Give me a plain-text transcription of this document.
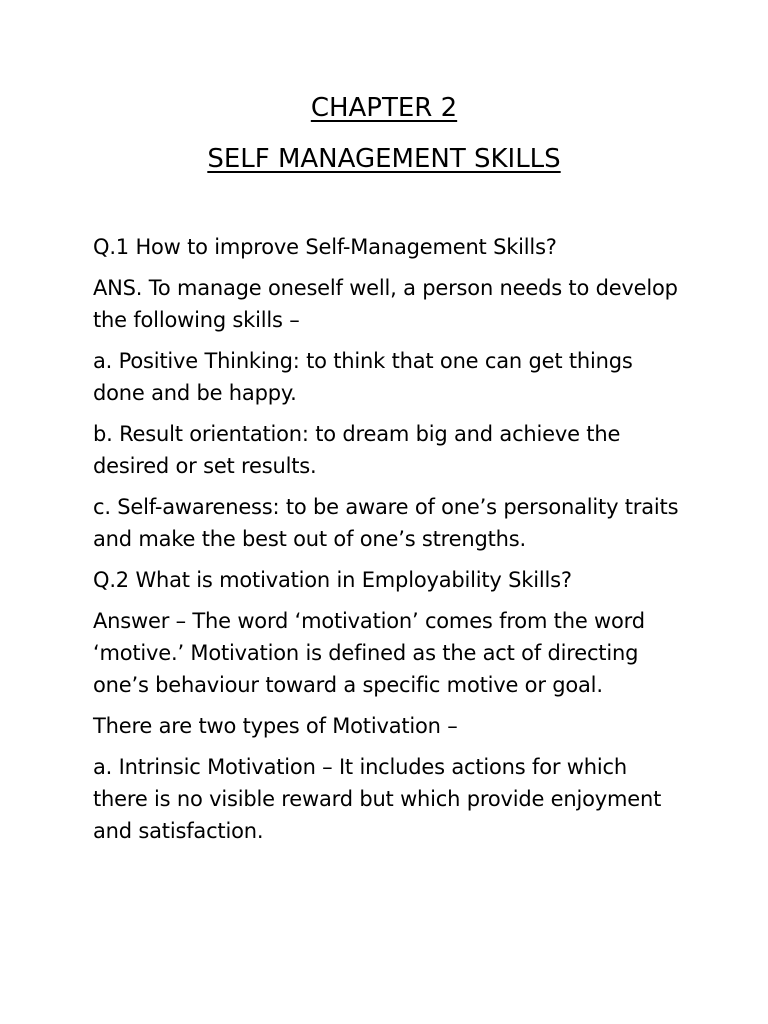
CHAPTER 2
SELF MANAGEMENT SKILLS

Q.1 How to improve Self-Management Skills?

ANS. To manage oneself well, a person needs to develop the following skills –

a. Positive Thinking: to think that one can get things done and be happy.

b. Result orientation: to dream big and achieve the desired or set results.

c. Self-awareness: to be aware of one’s personality traits and make the best out of one’s strengths.

Q.2 What is motivation in Employability Skills?

Answer – The word ‘motivation’ comes from the word ‘motive.’ Motivation is defined as the act of directing one’s behaviour toward a specific motive or goal.

There are two types of Motivation –

a. Intrinsic Motivation – It includes actions for which there is no visible reward but which provide enjoyment and satisfaction.
